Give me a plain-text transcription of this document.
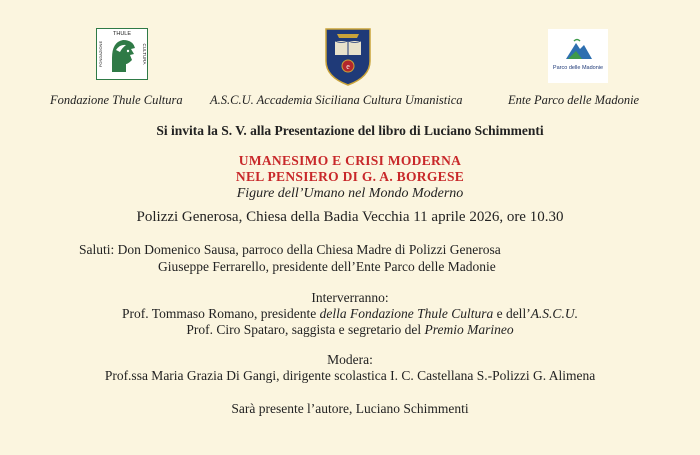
THULE
FONDAZIONE	CULTURA
e	Parco delle Madonie
Fondazione Thule Cultura A.S.C.U. Accademia Siciliana Cultura Umanistica	Ente Parco delle Madonie
Si invita la S. V. alla Presentazione del libro di Luciano Schimmenti
UMANESIMO E CRISI MODERNA
NEL PENSIERO DI G. A. BORGESE
Figure dell’Umano nel Mondo Moderno
Polizzi Generosa, Chiesa della Badia Vecchia 11 aprile 2026, ore 10.30
Saluti: Don Domenico Sausa, parroco della Chiesa Madre di Polizzi Generosa
Giuseppe Ferrarello, presidente dell’Ente Parco delle Madonie
Interverranno:
Prof. Tommaso Romano, presidente della Fondazione Thule Cultura e dell’A.S.C.U.
Prof. Ciro Spataro, saggista e segretario del Premio Marineo
Modera:
Prof.ssa Maria Grazia Di Gangi, dirigente scolastica I. C. Castellana S.-Polizzi G. Alimena
Sarà presente l’autore, Luciano Schimmenti
